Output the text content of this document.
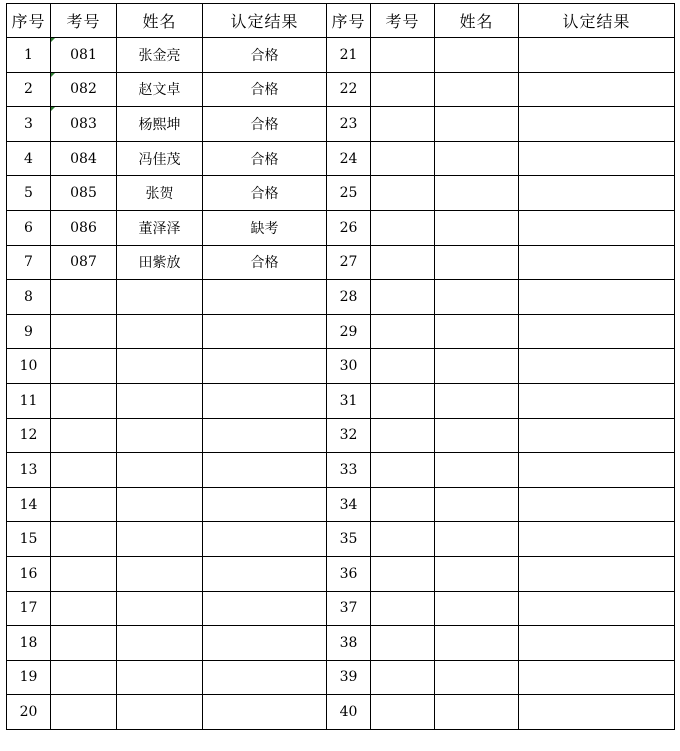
序号	考号	姓名	认定结果	序号	考号	姓名	认定结果
1	081	张金亮	合格	21			
2	082	赵文卓	合格	22			
3	083	杨熙坤	合格	23			
4	084	冯佳茂	合格	24			
5	085	张贺	合格	25			
6	086	董泽泽	缺考	26			
7	087	田紫放	合格	27			
8				28			
9				29			
10				30			
11				31			
12				32			
13				33			
14				34			
15				35			
16				36			
17				37			
18				38			
19				39			
20				40			
